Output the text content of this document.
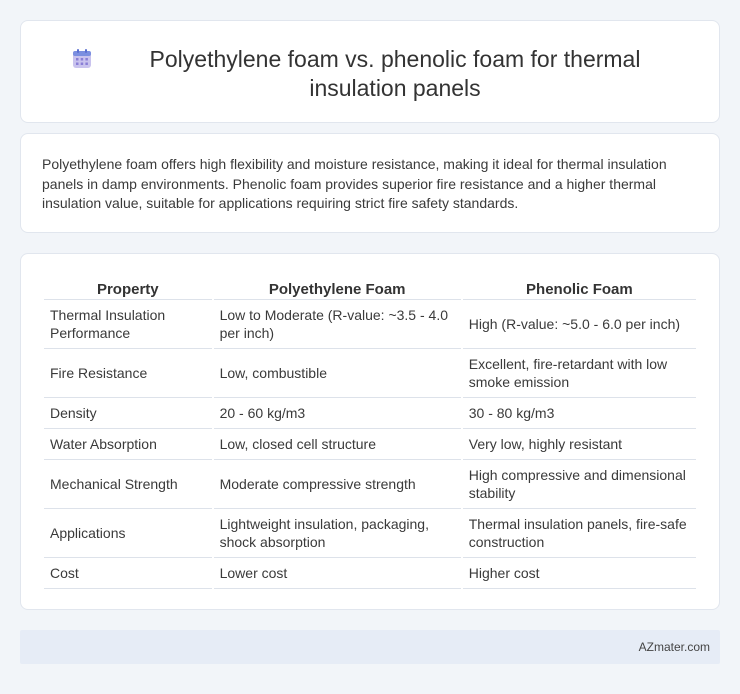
Polyethylene foam vs. phenolic foam for thermal insulation panels

Polyethylene foam offers high flexibility and moisture resistance, making it ideal for thermal insulation panels in damp environments. Phenolic foam provides superior fire resistance and a higher thermal insulation value, suitable for applications requiring strict fire safety standards.

Property	Polyethylene Foam	Phenolic Foam
Thermal Insulation Performance	Low to Moderate (R-value: ~3.5 - 4.0 per inch)	High (R-value: ~5.0 - 6.0 per inch)
Fire Resistance	Low, combustible	Excellent, fire-retardant with low smoke emission
Density	20 - 60 kg/m3	30 - 80 kg/m3
Water Absorption	Low, closed cell structure	Very low, highly resistant
Mechanical Strength	Moderate compressive strength	High compressive and dimensional stability
Applications	Lightweight insulation, packaging, shock absorption	Thermal insulation panels, fire-safe construction
Cost	Lower cost	Higher cost
AZmater.com
